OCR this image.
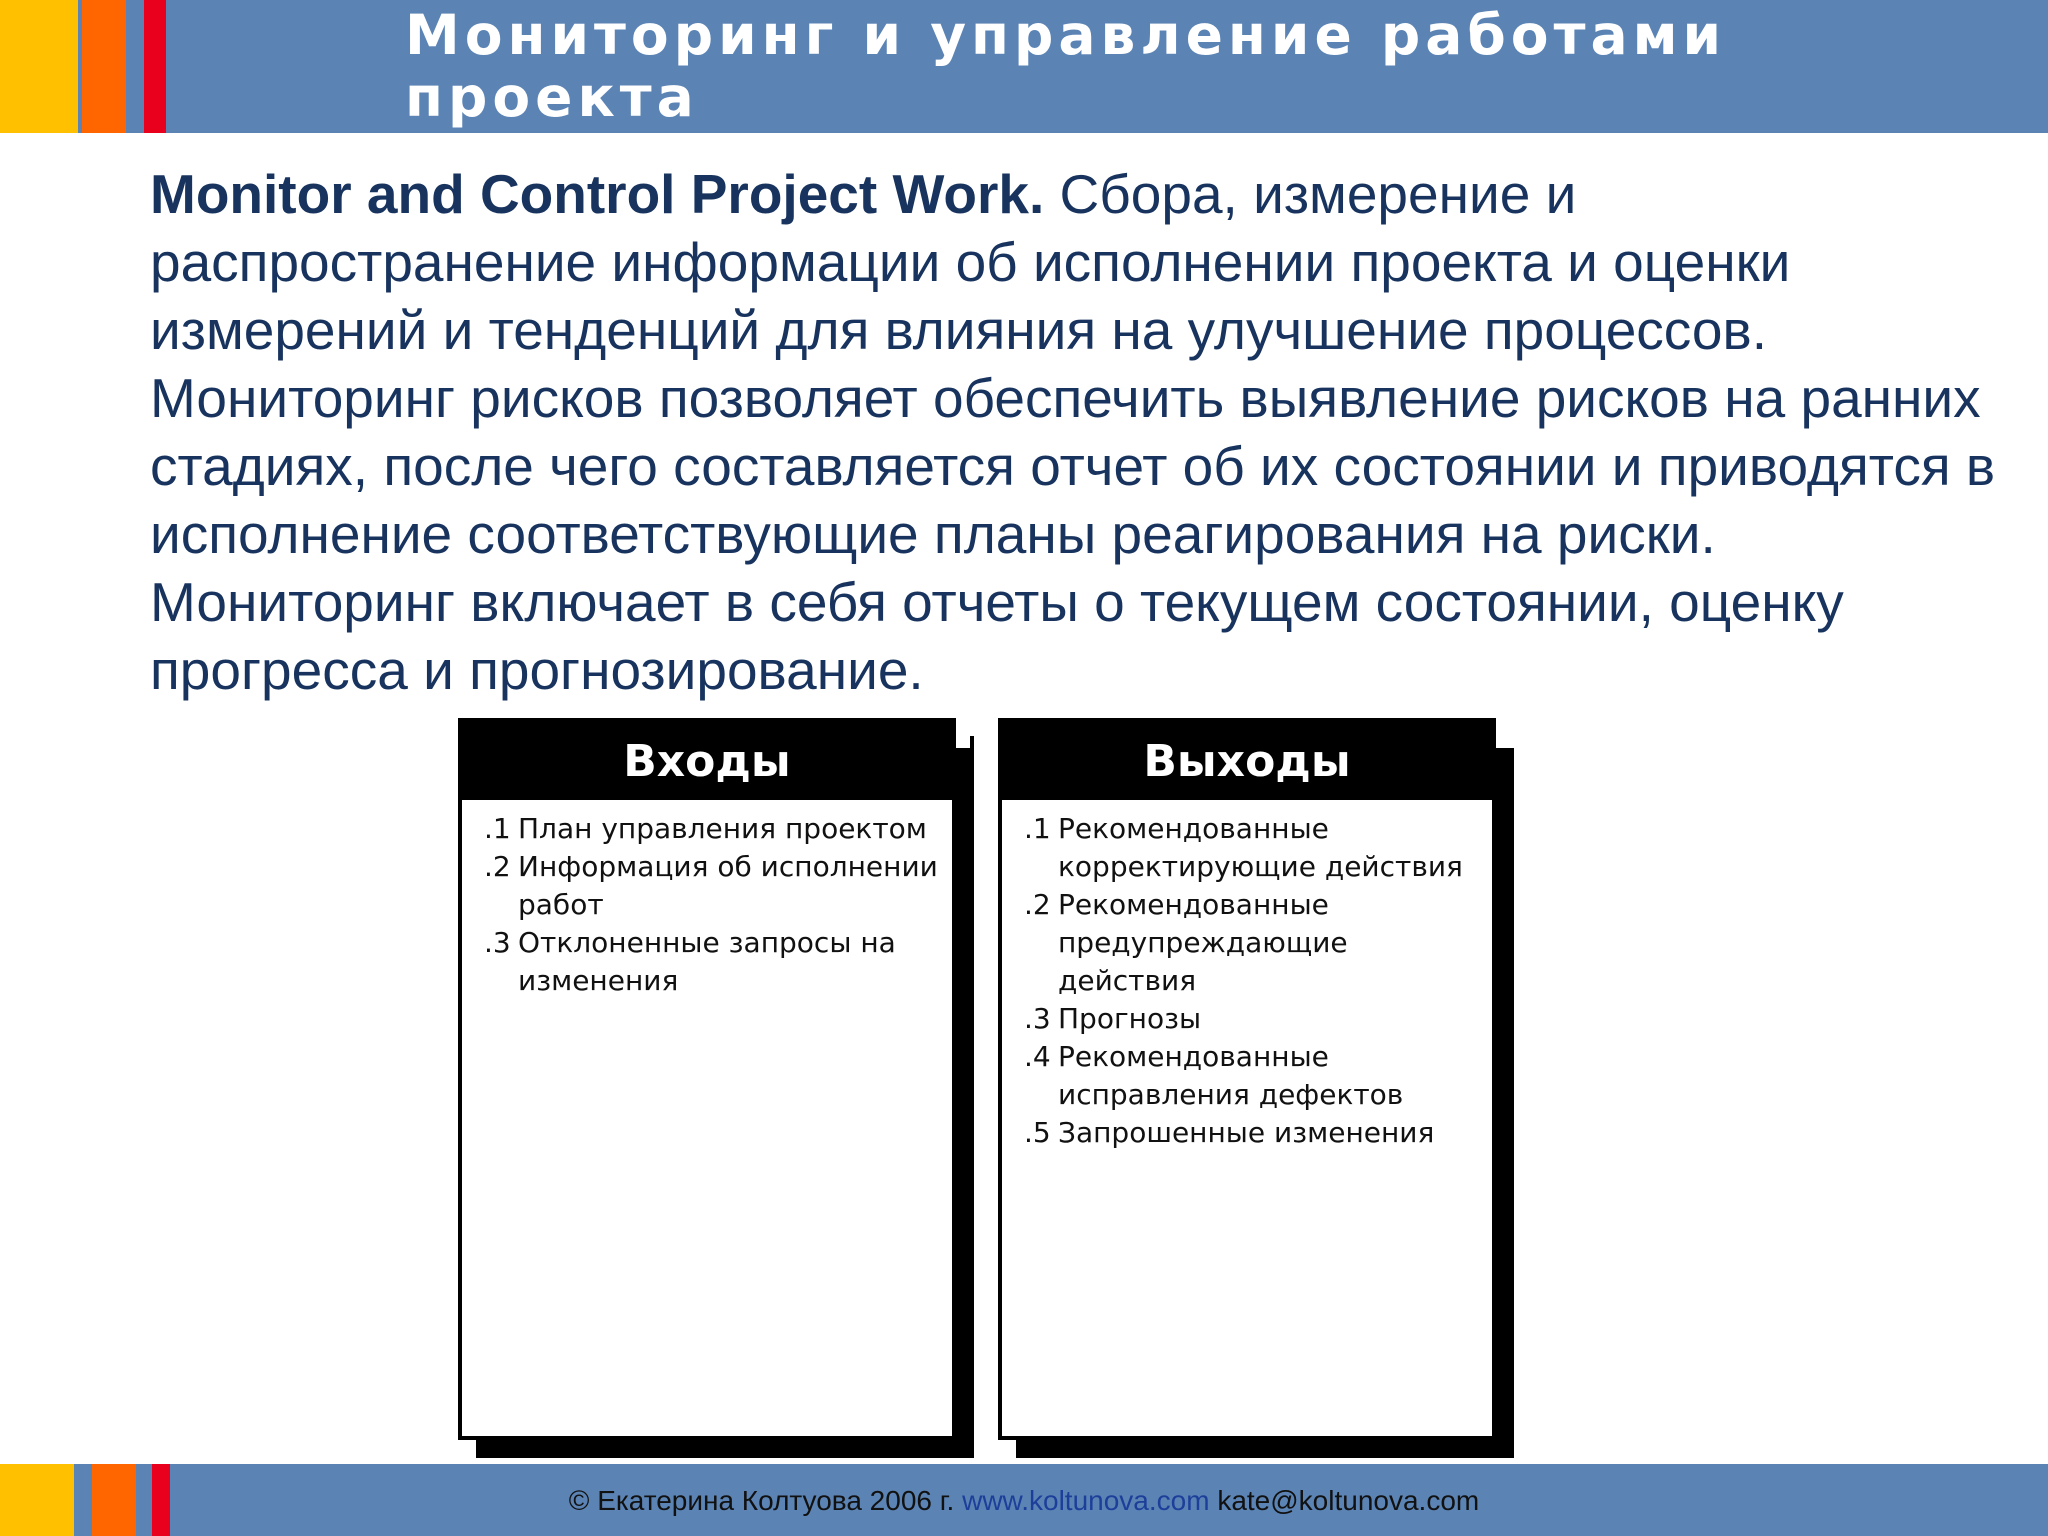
Мониторинг и управление работами проекта
Monitor and Control Project Work. Сбора, измерение и распространение информации об исполнении проекта и оценки измерений и тенденций для влияния на улучшение процессов. Мониторинг рисков позволяет обеспечить выявление рисков на ранних стадиях, после чего составляется отчет об их состоянии и приводятся в исполнение соответствующие планы реагирования на риски. Мониторинг включает в себя отчеты о текущем состоянии, оценку прогресса и прогнозирование.
Входы
.1 План управления проектом
.2 Информация об исполнении работ
.3 Отклоненные запросы на изменения
Выходы
.1 Рекомендованные корректирующие действия
.2 Рекомендованные предупреждающие действия
.3 Прогнозы
.4 Рекомендованные исправления дефектов
.5 Запрошенные изменения
© Екатерина Колтуова 2006 г. www.koltunova.com kate@koltunova.com
